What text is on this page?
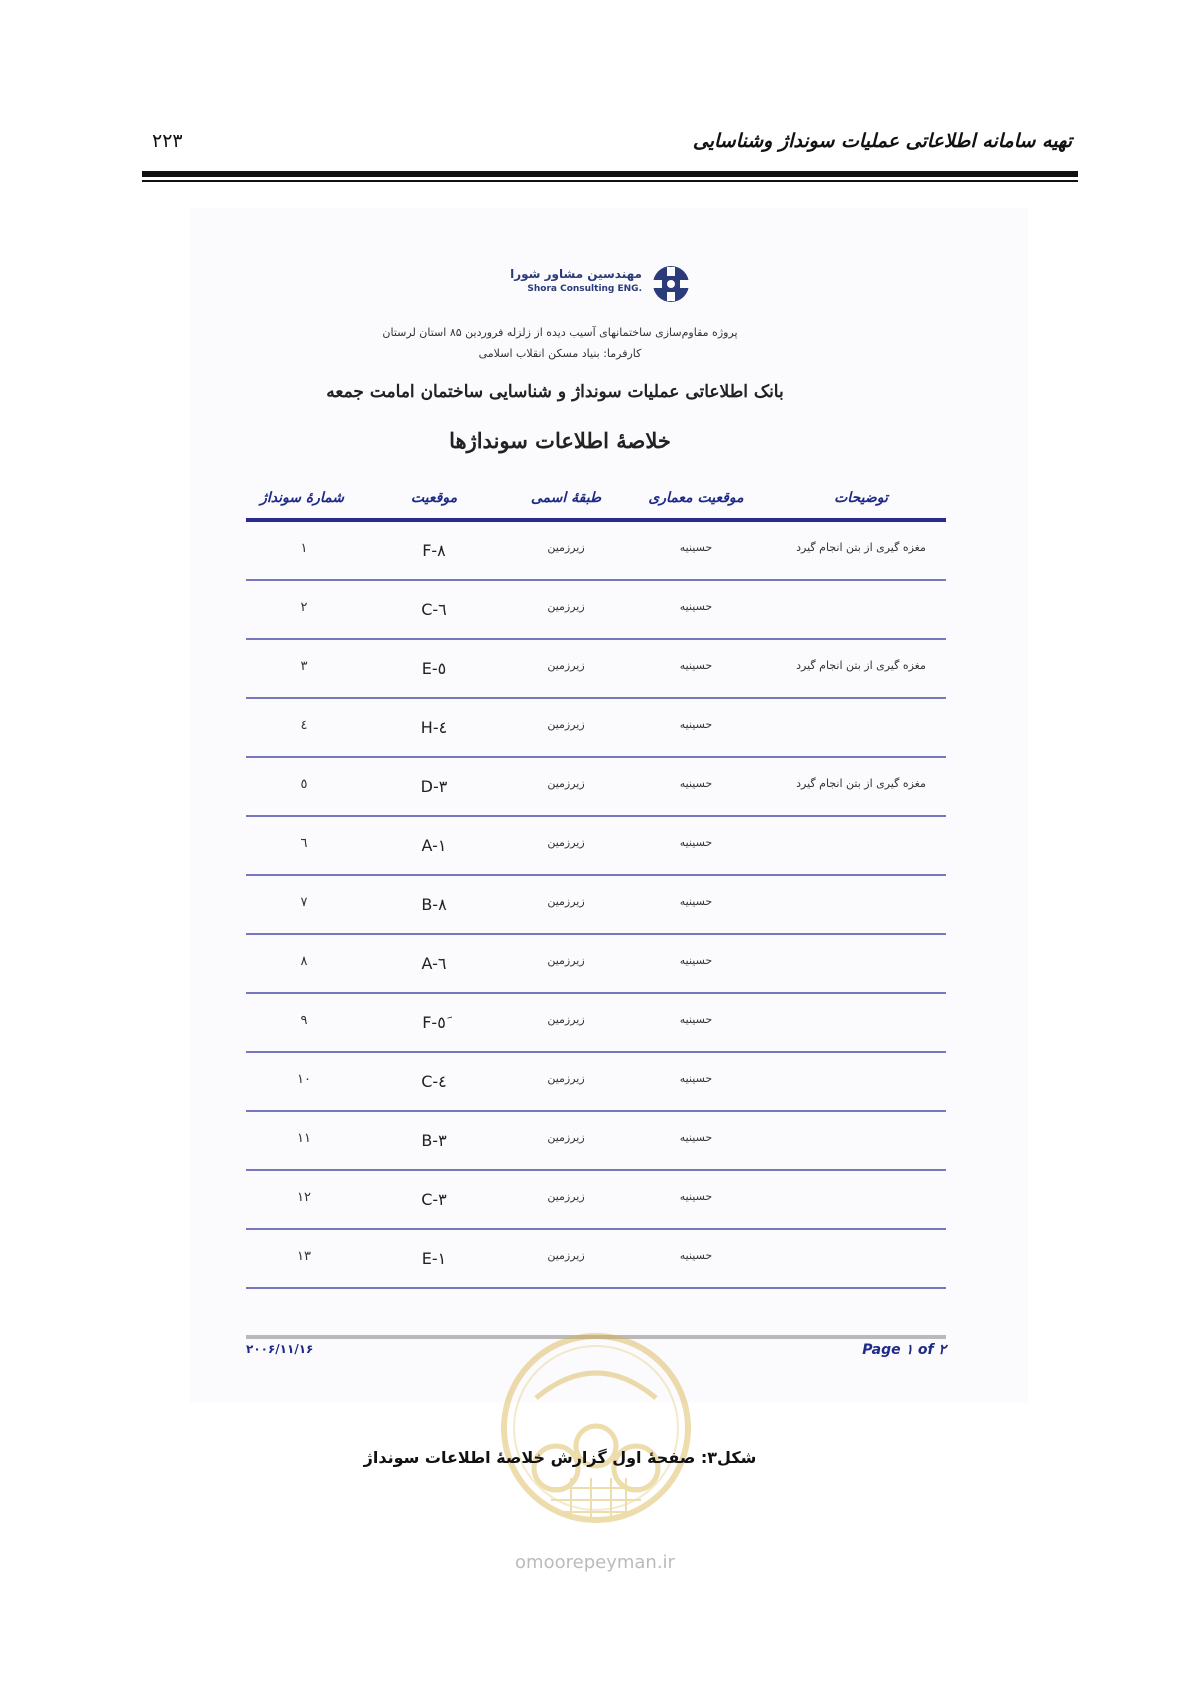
تهیه سامانه اطلاعاتی عملیات سونداژ وشناسایی
۲۲۳
مهندسین مشاور شورا
Shora Consulting ENG.
پروژه مقاوم‌سازی ساختمانهای آسیب دیده از زلزله فروردین ۸۵ استان لرستان
کارفرما: بنیاد مسکن انقلاب اسلامی
بانک اطلاعاتی عملیات سونداژ و شناسایی ساختمان امامت جمعه
خلاصهٔ اطلاعات سونداژها
شمارهٔ سونداژ	موقعیت	طبقهٔ اسمی	موقعیت معماری	توضیحات
۱	F-۸	زیرزمین	حسینیه	مغزه گیری از بتن انجام گیرد
۲	C-٦	زیرزمین	حسینیه
۳	E-٥	زیرزمین	حسینیه	مغزه گیری از بتن انجام گیرد
٤	H-٤	زیرزمین	حسینیه
٥	D-۳	زیرزمین	حسینیه	مغزه گیری از بتن انجام گیرد
٦	A-۱	زیرزمین	حسینیه
۷	B-۸	زیرزمین	حسینیه
۸	A-٦	زیرزمین	حسینیه
۹	F-٥َ	زیرزمین	حسینیه
۱۰	C-٤	زیرزمین	حسینیه
۱۱	B-۳	زیرزمین	حسینیه
۱۲	C-۳	زیرزمین	حسینیه
۱۳	E-۱	زیرزمین	حسینیه
۲۰۰۶/۱۱/۱۶	Page ۱ of ۲
شکل۳: صفحهٔ اول گزارش خلاصهٔ اطلاعات سونداژ
omoorepeyman.ir
